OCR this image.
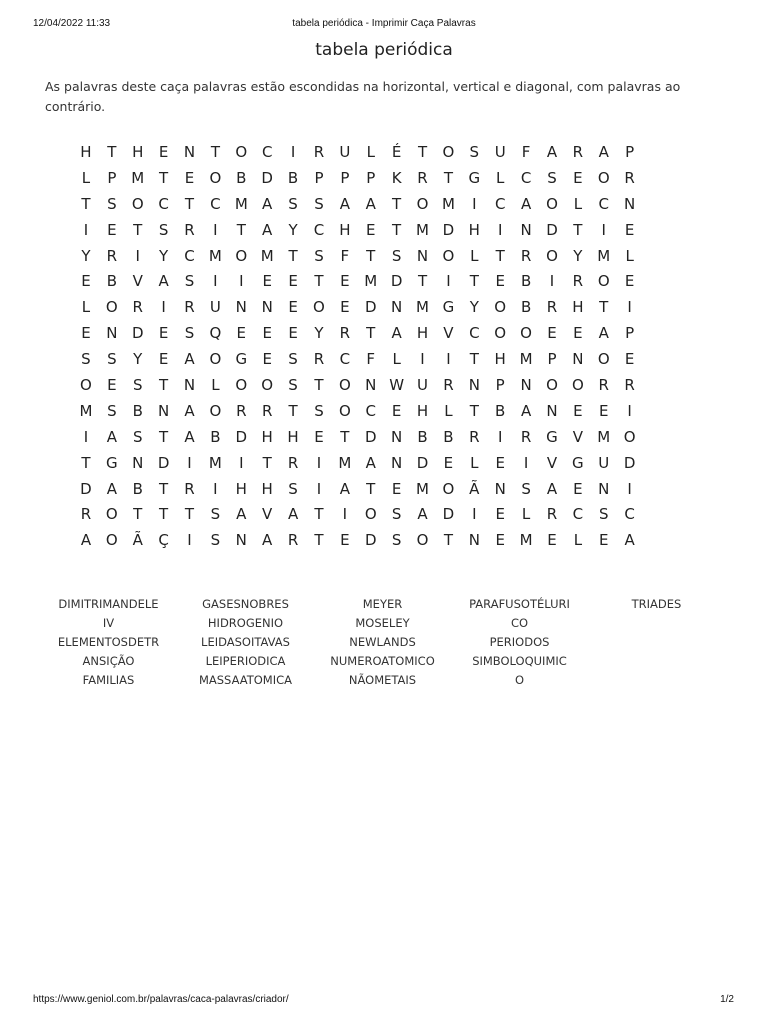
12/04/2022 11:33	tabela periódica - Imprimir Caça Palavras
tabela periódica
As palavras deste caça palavras estão escondidas na horizontal, vertical e diagonal, com palavras ao contrário.
H T H E N T O C I R U L É T O S U F A R A P
L P M T E O B D B P P P K R T G L C S E O R
T S O C T C M A S S A A T O M I C A O L C N
I E T S R I T A Y C H E T M D H I N D T I E
Y R I Y C M O M T S F T S N O L T R O Y M L
E B V A S I I E E T E M D T I T E B I R O E
L O R I R U N N E O E D N M G Y O B R H T I
E N D E S Q E E E Y R T A H V C O O E E A P
S S Y E A O G E S R C F L I I T H M P N O E
O E S T N L O O S T O N W U R N P N O O R R
M S B N A O R R T S O C E H L T B A N E E I
I A S T A B D H H E T D N B B R I R G V M O
T G N D I M I T R I M A N D E L E I V G U D
D A B T R I H H S I A T E M O Ã N S A E N I
R O T T T S A V A T I O S A D I E L R C S C
A O Ã Ç I S N A R T E D S O T N E M E L E A
DIMITRIMANDELE
IV
ELEMENTOSDETR
ANSIÇÃO
FAMILIAS
GASESNOBRES
HIDROGENIO
LEIDASOITAVAS
LEIPERIODICA
MASSAATOMICA
MEYER
MOSELEY
NEWLANDS
NUMEROATOMICO
NÃOMETAIS
PARAFUSOTÉLURI
CO
PERIODOS
SIMBOLOQUIMIC
O
TRIADES
https://www.geniol.com.br/palavras/caca-palavras/criador/	1/2
